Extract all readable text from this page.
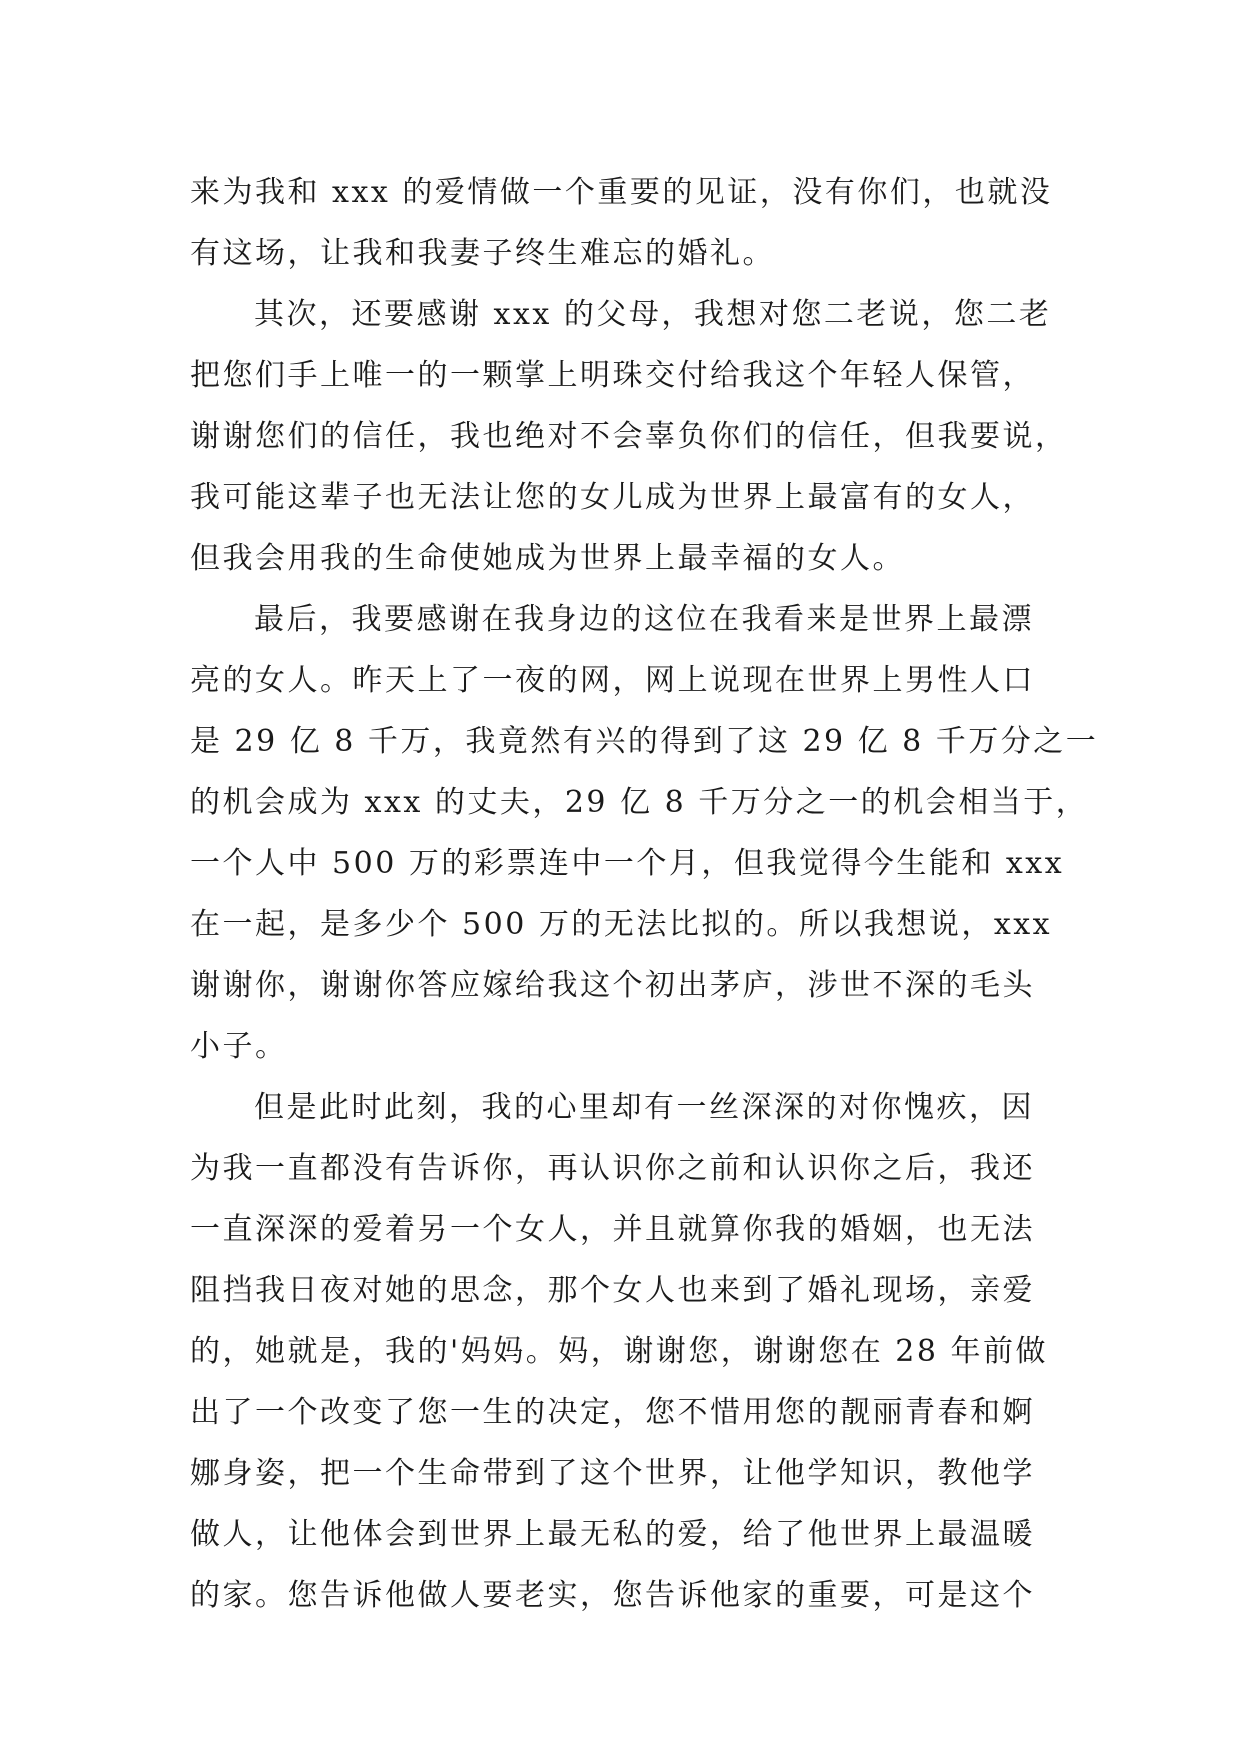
来为我和 xxx 的爱情做一个重要的见证，没有你们，也就没
有这场，让我和我妻子终生难忘的婚礼。
其次，还要感谢 xxx 的父母，我想对您二老说，您二老
把您们手上唯一的一颗掌上明珠交付给我这个年轻人保管，
谢谢您们的信任，我也绝对不会辜负你们的信任，但我要说，
我可能这辈子也无法让您的女儿成为世界上最富有的女人，
但我会用我的生命使她成为世界上最幸福的女人。
最后，我要感谢在我身边的这位在我看来是世界上最漂
亮的女人。昨天上了一夜的网，网上说现在世界上男性人口
是 29 亿 8 千万，我竟然有兴的得到了这 29 亿 8 千万分之一
的机会成为 xxx 的丈夫，29 亿 8 千万分之一的机会相当于，
一个人中 500 万的彩票连中一个月，但我觉得今生能和 xxx
在一起，是多少个 500 万的无法比拟的。所以我想说，xxx
谢谢你，谢谢你答应嫁给我这个初出茅庐，涉世不深的毛头
小子。
但是此时此刻，我的心里却有一丝深深的对你愧疚，因
为我一直都没有告诉你，再认识你之前和认识你之后，我还
一直深深的爱着另一个女人，并且就算你我的婚姻，也无法
阻挡我日夜对她的思念，那个女人也来到了婚礼现场，亲爱
的，她就是，我的'妈妈。妈，谢谢您，谢谢您在 28 年前做
出了一个改变了您一生的决定，您不惜用您的靓丽青春和婀
娜身姿，把一个生命带到了这个世界，让他学知识，教他学
做人，让他体会到世界上最无私的爱，给了他世界上最温暖
的家。您告诉他做人要老实，您告诉他家的重要，可是这个
